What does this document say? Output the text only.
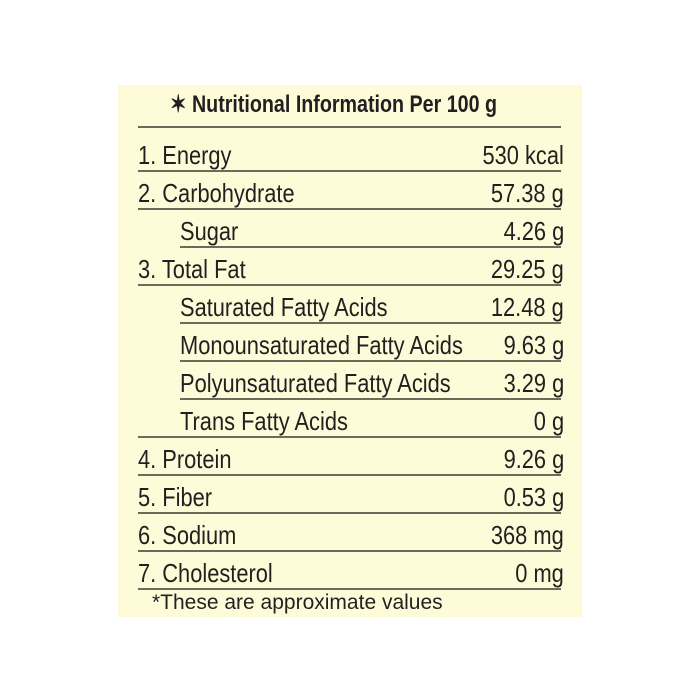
✶ Nutritional Information Per 100 g
1. Energy	530 kcal
2. Carbohydrate	57.38 g
Sugar	4.26 g
3. Total Fat	29.25 g
Saturated Fatty Acids	12.48 g
Monounsaturated Fatty Acids 9.63 g
Polyunsaturated Fatty Acids 3.29 g
Trans Fatty Acids	0 g
4. Protein	9.26 g
5. Fiber	0.53 g
6. Sodium	368 mg
7. Cholesterol	0 mg
*These are approximate values
